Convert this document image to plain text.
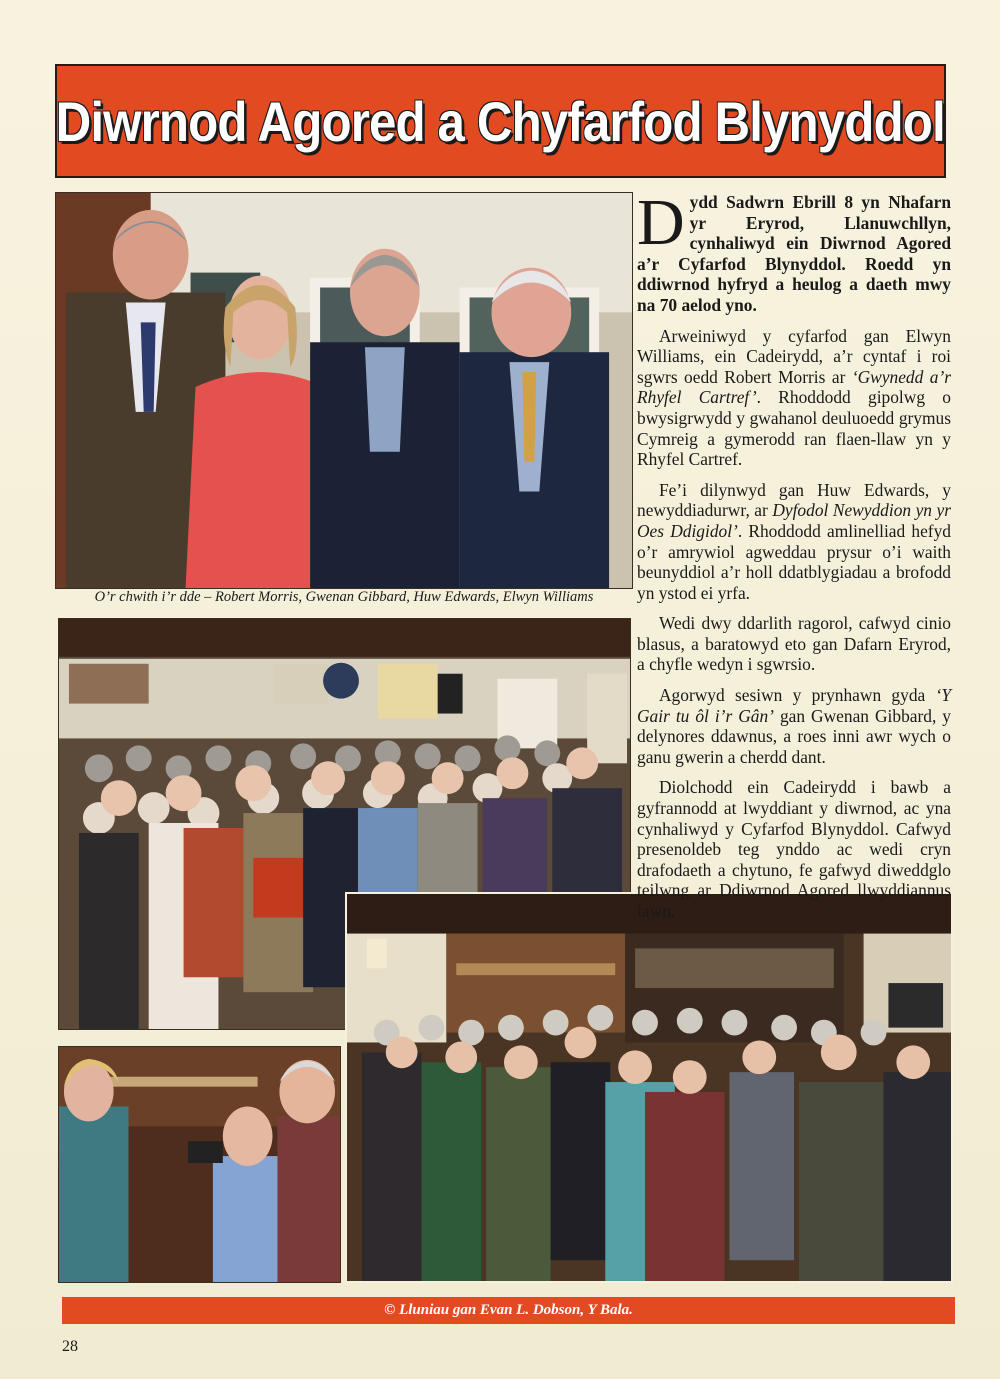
Diwrnod Agored a Chyfarfod Blynyddol
O’r chwith i’r dde – Robert Morris, Gwenan Gibbard, Huw Edwards, Elwyn Williams

Dydd Sadwrn Ebrill 8 yn Nhafarn yr Eryrod, Llanuwchllyn, cynhaliwyd ein Diwrnod Agored a’r Cyfarfod Blynyddol. Roedd yn ddiwrnod hyfryd a heulog a daeth mwy na 70 aelod yno.

Arweiniwyd y cyfarfod gan Elwyn Williams, ein Cadeirydd, a’r cyntaf i roi sgwrs oedd Robert Morris ar ‘Gwynedd a’r Rhyfel Cartref’. Rhoddodd gipolwg o bwysigrwydd y gwahanol deuluoedd grymus Cymreig a gymerodd ran flaen-llaw yn y Rhyfel Cartref.

Fe’i dilynwyd gan Huw Edwards, y newyddiadurwr, ar Dyfodol Newyddion yn yr Oes Ddigidol’. Rhoddodd amlinelliad hefyd o’r amrywiol agweddau prysur o’i waith beunyddiol a’r holl ddatblygiadau a brofodd yn ystod ei yrfa.

Wedi dwy ddarlith ragorol, cafwyd cinio blasus, a baratowyd eto gan Dafarn Eryrod, a chyfle wedyn i sgwrsio.

Agorwyd sesiwn y prynhawn gyda ‘Y Gair tu ôl i’r Gân’ gan Gwenan Gibbard, y delynores ddawnus, a roes inni awr wych o ganu gwerin a cherdd dant.

Diolchodd ein Cadeirydd i bawb a gyfrannodd at lwyddiant y diwrnod, ac yna cynhaliwyd y Cyfarfod Blynyddol. Cafwyd presenoldeb teg ynddo ac wedi cryn drafodaeth a chytuno, fe gafwyd diweddglo teilwng ar Ddiwrnod Agored llwyddiannus iawn.

© Lluniau gan Evan L. Dobson, Y Bala.
28
